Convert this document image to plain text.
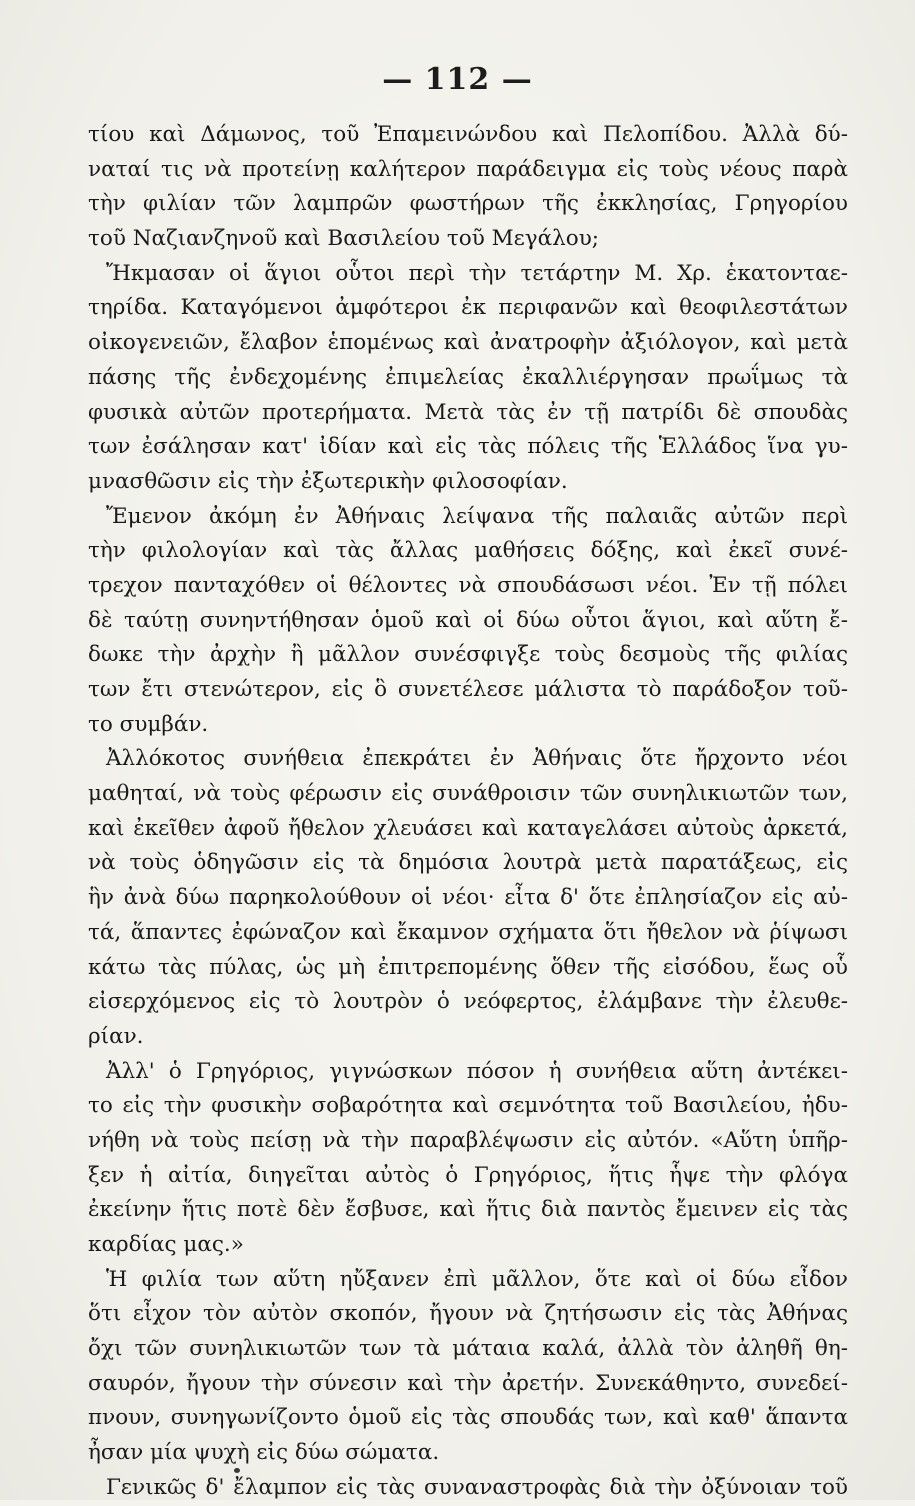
— 112 —
τίου καὶ Δάμωνος, τοῦ Ἐπαμεινώνδου καὶ Πελοπίδου. Ἀλλὰ δύ-
ναταί τις νὰ προτείνῃ καλήτερον παράδειγμα εἰς τοὺς νέους παρὰ
τὴν φιλίαν τῶν λαμπρῶν φωστήρων τῆς ἐκκλησίας, Γρηγορίου
τοῦ Ναζιανζηνοῦ καὶ Βασιλείου τοῦ Μεγάλου;
Ἤκμασαν οἱ ἅγιοι οὗτοι περὶ τὴν τετάρτην Μ. Χρ. ἑκατονταε-
τηρίδα. Καταγόμενοι ἀμφότεροι ἐκ περιφανῶν καὶ θεοφιλεστάτων
οἰκογενειῶν, ἔλαβον ἑπομένως καὶ ἀνατροφὴν ἀξιόλογον, καὶ μετὰ
πάσης τῆς ἐνδεχομένης ἐπιμελείας ἐκαλλιέργησαν πρωΐμως τὰ
φυσικὰ αὐτῶν προτερήματα. Μετὰ τὰς ἐν τῇ πατρίδι δὲ σπουδὰς
των ἐσάλησαν κατ' ἰδίαν καὶ εἰς τὰς πόλεις τῆς Ἑλλάδος ἵνα γυ-
μνασθῶσιν εἰς τὴν ἐξωτερικὴν φιλοσοφίαν.
Ἔμενον ἀκόμη ἐν Ἀθήναις λείψανα τῆς παλαιᾶς αὐτῶν περὶ
τὴν φιλολογίαν καὶ τὰς ἄλλας μαθήσεις δόξης, καὶ ἐκεῖ συνέ-
τρεχον πανταχόθεν οἱ θέλοντες νὰ σπουδάσωσι νέοι. Ἐν τῇ πόλει
δὲ ταύτῃ συνηντήθησαν ὁμοῦ καὶ οἱ δύω οὗτοι ἅγιοι, καὶ αὕτη ἔ-
δωκε τὴν ἀρχὴν ἢ μᾶλλον συνέσφιγξε τοὺς δεσμοὺς τῆς φιλίας
των ἔτι στενώτερον, εἰς ὃ συνετέλεσε μάλιστα τὸ παράδοξον τοῦ-
το συμβάν.
Ἀλλόκοτος συνήθεια ἐπεκράτει ἐν Ἀθήναις ὅτε ἤρχοντο νέοι
μαθηταί, νὰ τοὺς φέρωσιν εἰς συνάθροισιν τῶν συνηλικιωτῶν των,
καὶ ἐκεῖθεν ἀφοῦ ἤθελον χλευάσει καὶ καταγελάσει αὐτοὺς ἀρκετά,
νὰ τοὺς ὁδηγῶσιν εἰς τὰ δημόσια λουτρὰ μετὰ παρατάξεως, εἰς
ἣν ἀνὰ δύω παρηκολούθουν οἱ νέοι· εἶτα δ' ὅτε ἐπλησίαζον εἰς αὐ-
τά, ἅπαντες ἐφώναζον καὶ ἔκαμνον σχήματα ὅτι ἤθελον νὰ ῥίψωσι
κάτω τὰς πύλας, ὡς μὴ ἐπιτρεπομένης ὅθεν τῆς εἰσόδου, ἕως οὗ
εἰσερχόμενος εἰς τὸ λουτρὸν ὁ νεόφερτος, ἐλάμβανε τὴν ἐλευθε-
ρίαν.
Ἀλλ' ὁ Γρηγόριος, γιγνώσκων πόσον ἡ συνήθεια αὕτη ἀντέκει-
το εἰς τὴν φυσικὴν σοβαρότητα καὶ σεμνότητα τοῦ Βασιλείου, ἠδυ-
νήθη νὰ τοὺς πείσῃ νὰ τὴν παραβλέψωσιν εἰς αὐτόν. «Αὕτη ὑπῆρ-
ξεν ἡ αἰτία, διηγεῖται αὐτὸς ὁ Γρηγόριος, ἥτις ἧψε τὴν φλόγα
ἐκείνην ἥτις ποτὲ δὲν ἔσβυσε, καὶ ἥτις διὰ παντὸς ἔμεινεν εἰς τὰς
καρδίας μας.»
Ἡ φιλία των αὕτη ηὔξανεν ἐπὶ μᾶλλον, ὅτε καὶ οἱ δύω εἶδον
ὅτι εἶχον τὸν αὐτὸν σκοπόν, ἤγουν νὰ ζητήσωσιν εἰς τὰς Ἀθήνας
ὄχι τῶν συνηλικιωτῶν των τὰ μάταια καλά, ἀλλὰ τὸν ἀληθῆ θη-
σαυρόν, ἤγουν τὴν σύνεσιν καὶ τὴν ἀρετήν. Συνεκάθηντο, συνεδεί-
πνουν, συνηγωνίζοντο ὁμοῦ εἰς τὰς σπουδάς των, καὶ καθ' ἅπαντα
ἦσαν μία ψυχὴ εἰς δύω σώματα.
Γενικῶς δ' ἔλαμπον εἰς τὰς συναναστροφὰς διὰ τὴν ὀξύνοιαν τοῦ
